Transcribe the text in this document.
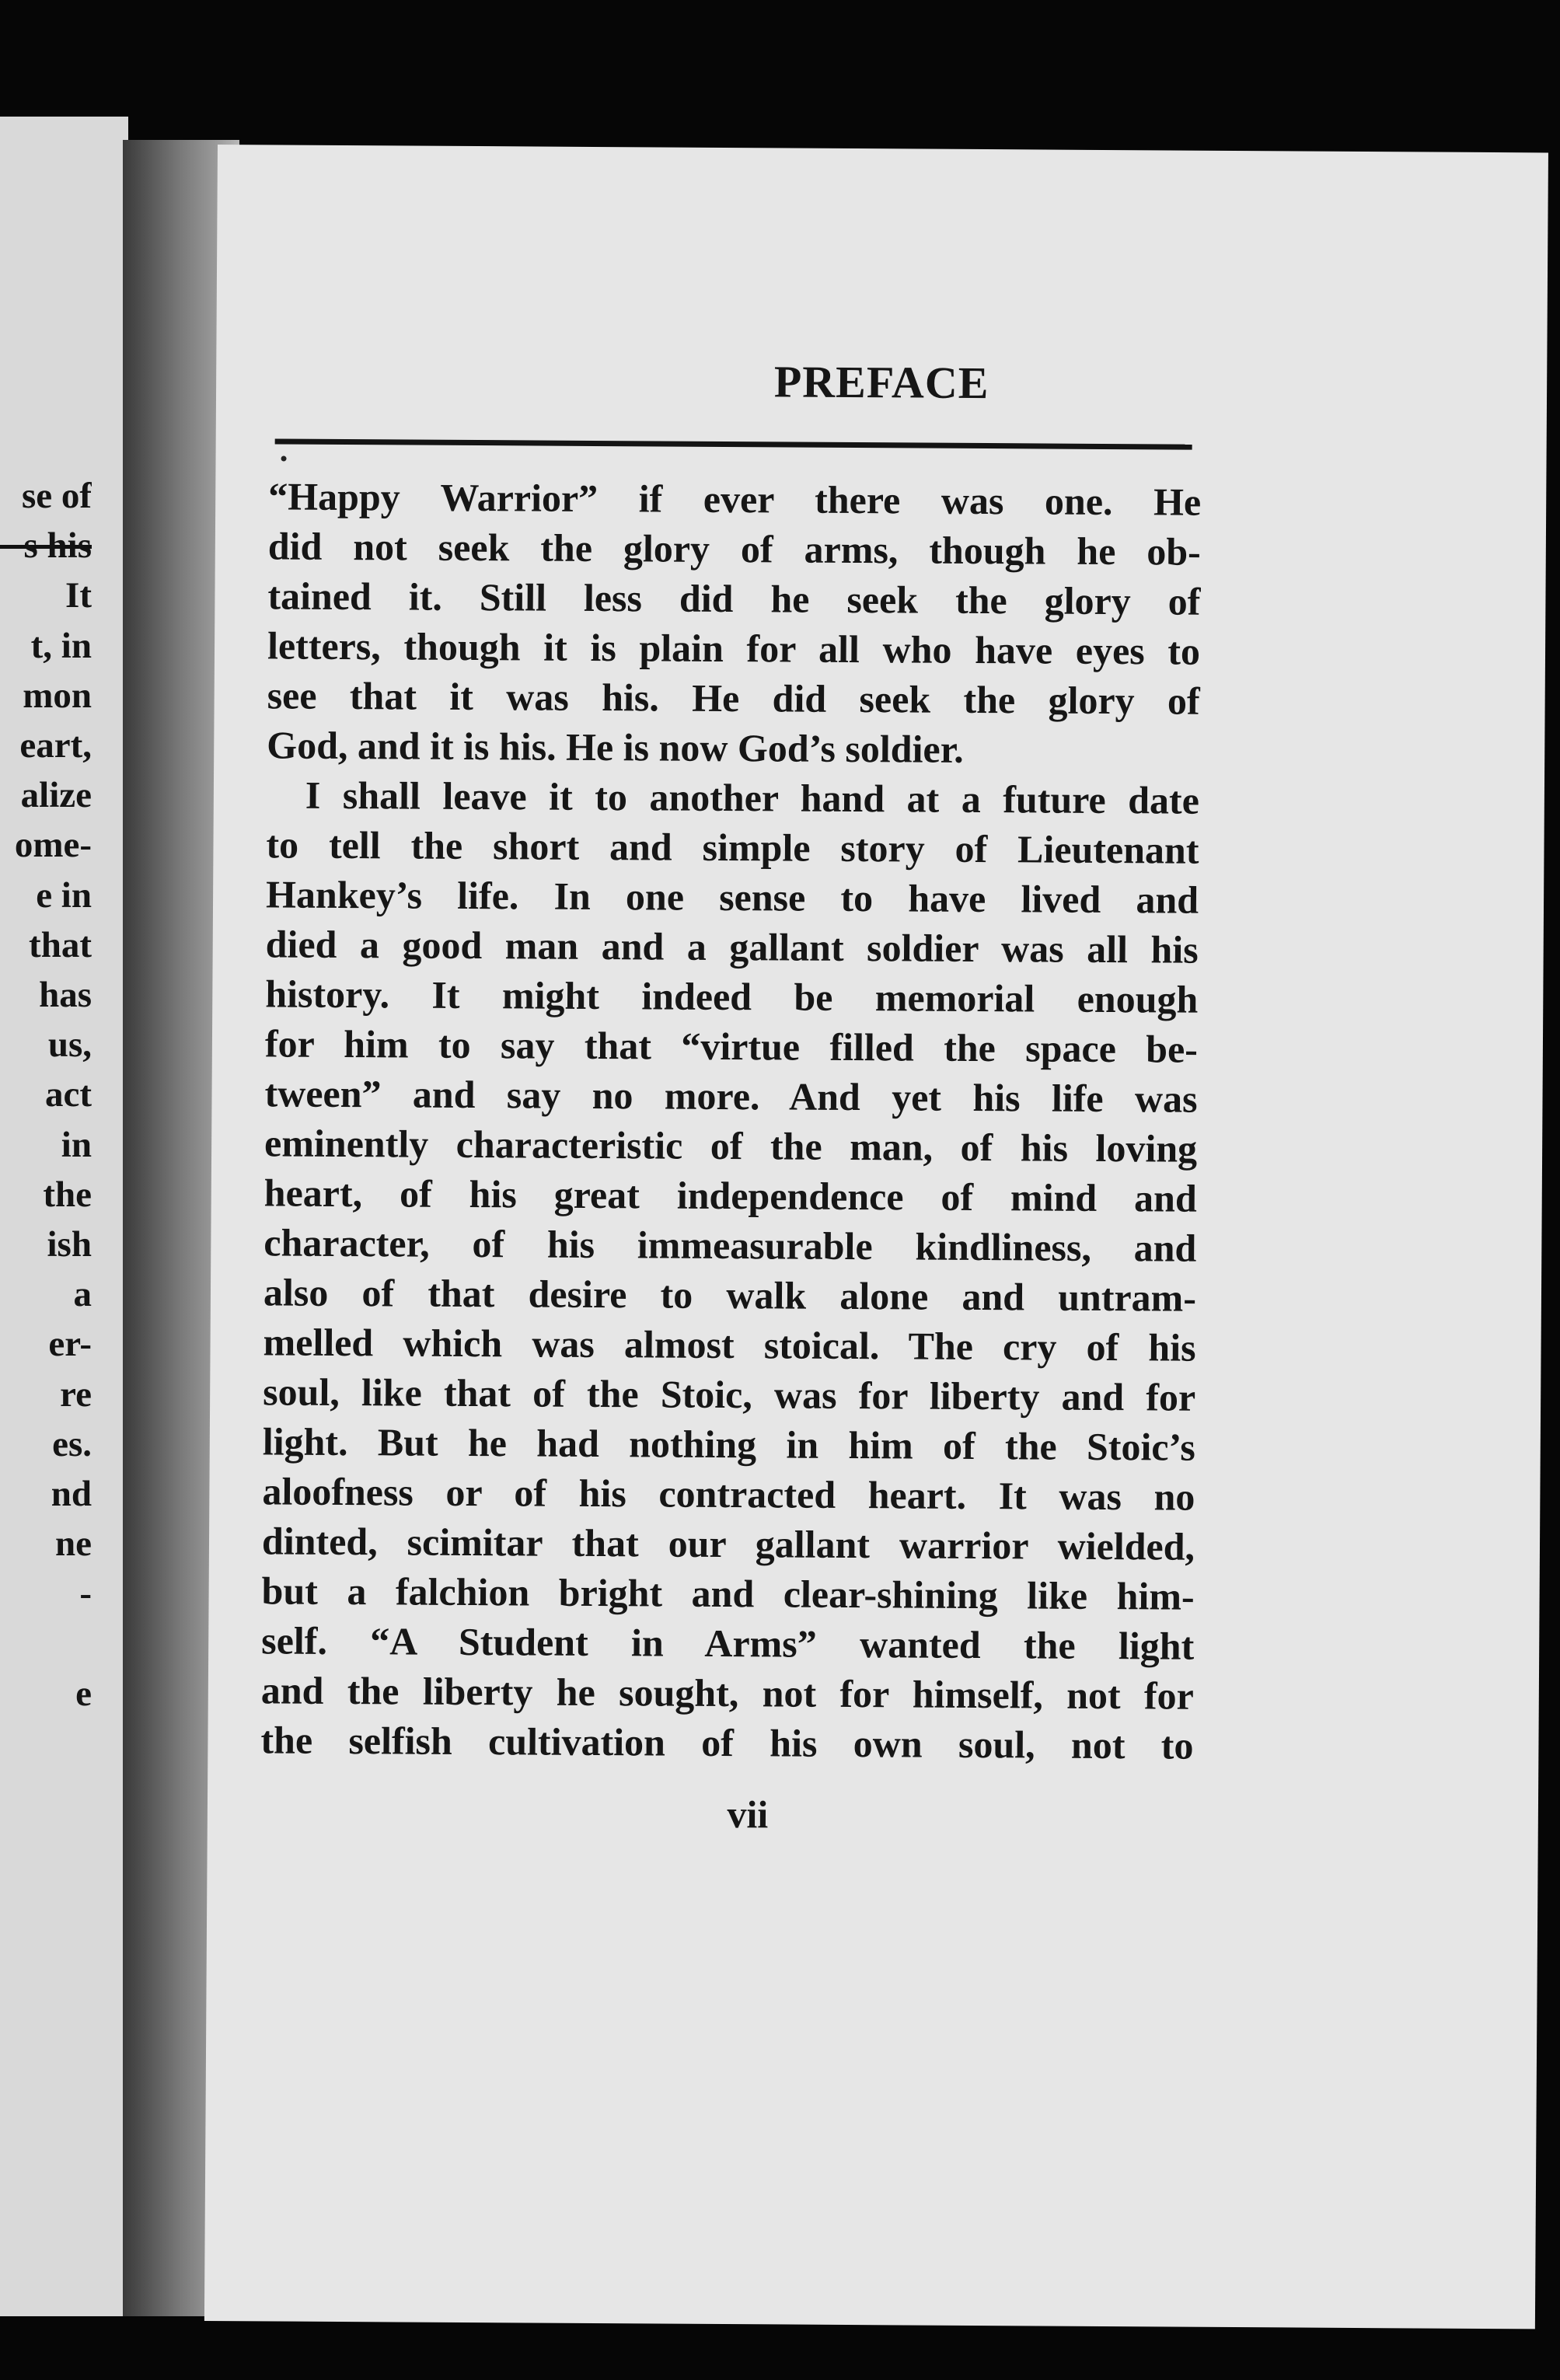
se of
s his
It
t, in
mon
eart,
alize
ome-
e in
that
has
us,
act
in
the
ish
a
er-
re
es.
nd
ne
-
e
PREFACE
“Happy Warrior” if ever there was one. He
did not seek the glory of arms, though he ob-
tained it. Still less did he seek the glory of
letters, though it is plain for all who have eyes to
see that it was his. He did seek the glory of
God, and it is his. He is now God’s soldier.
I shall leave it to another hand at a future date
to tell the short and simple story of Lieutenant
Hankey’s life. In one sense to have lived and
died a good man and a gallant soldier was all his
history. It might indeed be memorial enough
for him to say that “virtue filled the space be-
tween” and say no more. And yet his life was
eminently characteristic of the man, of his loving
heart, of his great independence of mind and
character, of his immeasurable kindliness, and
also of that desire to walk alone and untram-
melled which was almost stoical. The cry of his
soul, like that of the Stoic, was for liberty and for
light. But he had nothing in him of the Stoic’s
aloofness or of his contracted heart. It was no
dinted, scimitar that our gallant warrior wielded,
but a falchion bright and clear-shining like him-
self. “A Student in Arms” wanted the light
and the liberty he sought, not for himself, not for
the selfish cultivation of his own soul, not to
vii
